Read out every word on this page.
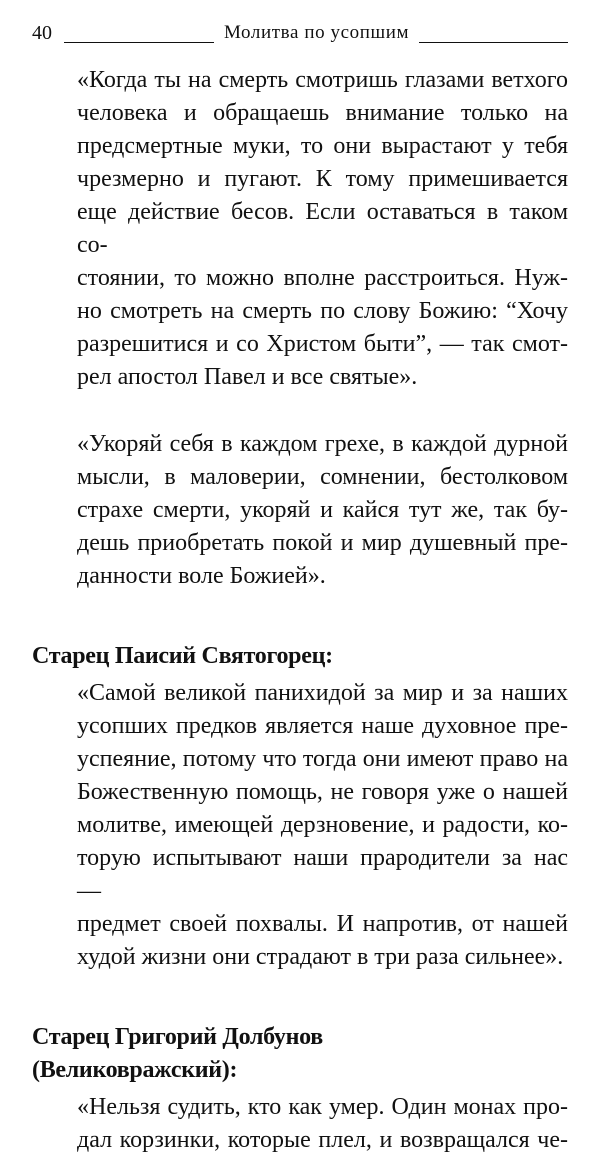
40	Молитва по усопшим

«Когда ты на смерть смотришь глазами ветхого
человека и обращаешь внимание только на
предсмертные муки, то они вырастают у тебя
чрезмерно и пугают. К тому примешивается
еще действие бесов. Если оставаться в таком со-
стоянии, то можно вполне расстроиться. Нуж-
но смотреть на смерть по слову Божию: “Хочу
разрешитися и со Христом быти”, — так смот-
рел апостол Павел и все святые».

«Укоряй себя в каждом грехе, в каждой дурной
мысли, в маловерии, сомнении, бестолковом
страхе смерти, укоряй и кайся тут же, так бу-
дешь приобретать покой и мир душевный пре-
данности воле Божией».

Старец Паисий Святогорец:

«Самой великой панихидой за мир и за наших
усопших предков является наше духовное пре-
успеяние, потому что тогда они имеют право на
Божественную помощь, не говоря уже о нашей
молитве, имеющей дерзновение, и радости, ко-
торую испытывают наши прародители за нас —
предмет своей похвалы. И напротив, от нашей
худой жизни они страдают в три раза сильнее».

Старец Григорий Долбунов
(Великовражский):

«Нельзя судить, кто как умер. Один монах про-
дал корзинки, которые плел, и возвращался че-
